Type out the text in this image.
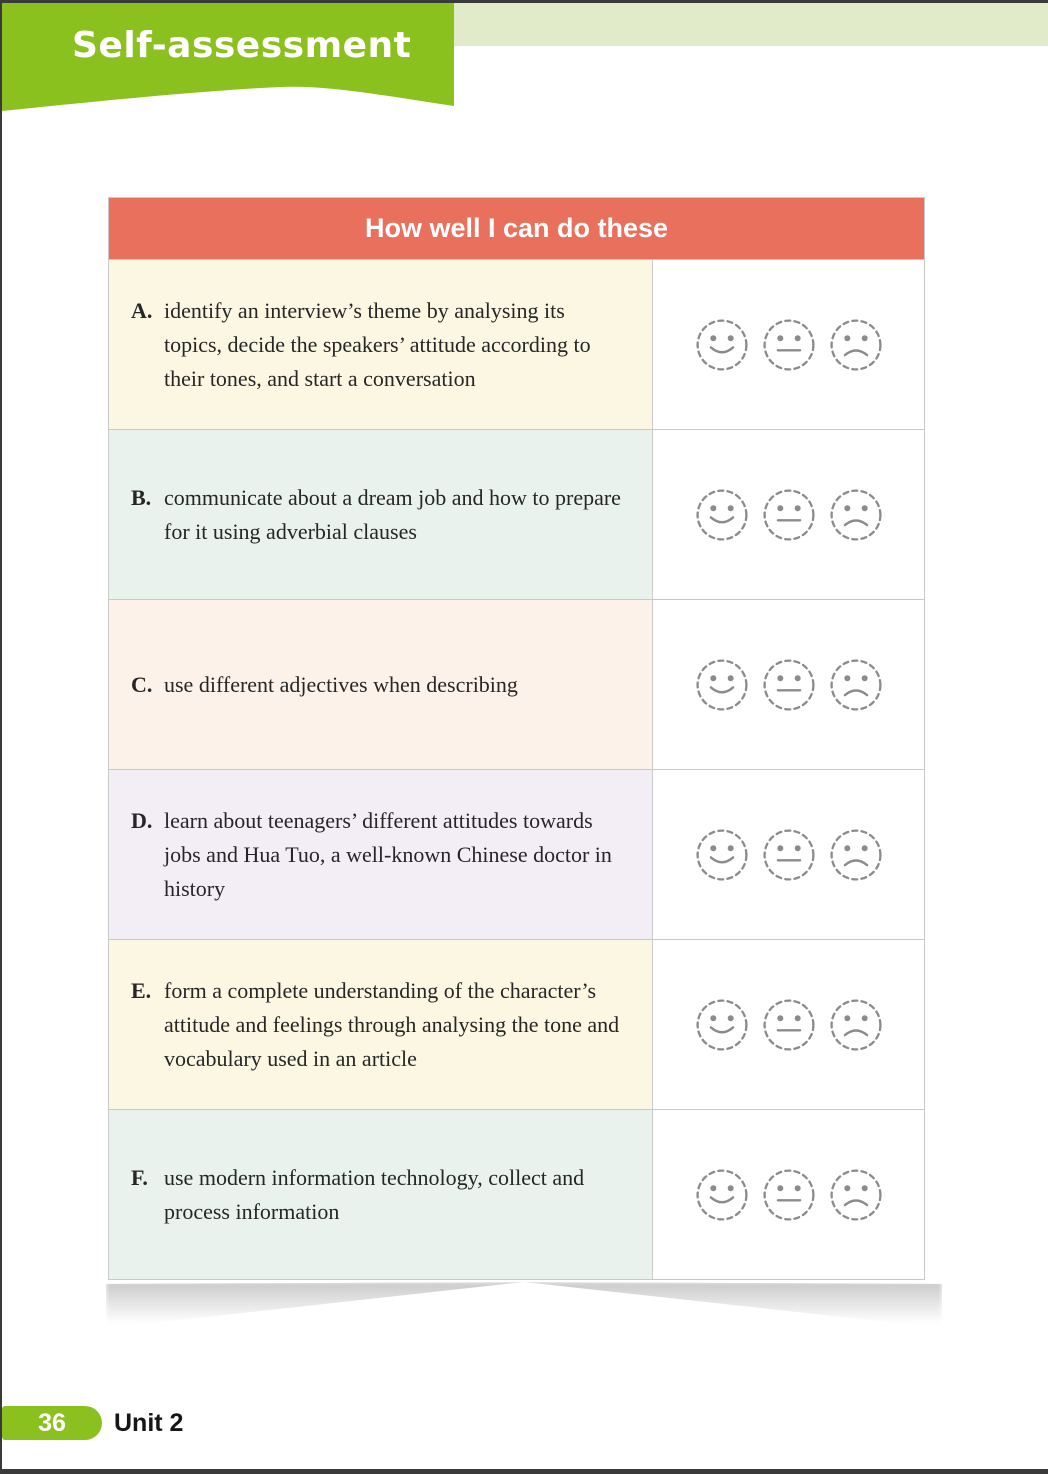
Self-assessment
How well I can do these
A. identify an interview’s theme by analysing its topics, decide the speakers’ attitude according to their tones, and start a conversation
B. communicate about a dream job and how to prepare for it using adverbial clauses
C. use different adjectives when describing
D. learn about teenagers’ different attitudes towards jobs and Hua Tuo, a well-known Chinese doctor in history
E. form a complete understanding of the character’s attitude and feelings through analysing the tone and vocabulary used in an article
F. use modern information technology, collect and process information
36 Unit 2
